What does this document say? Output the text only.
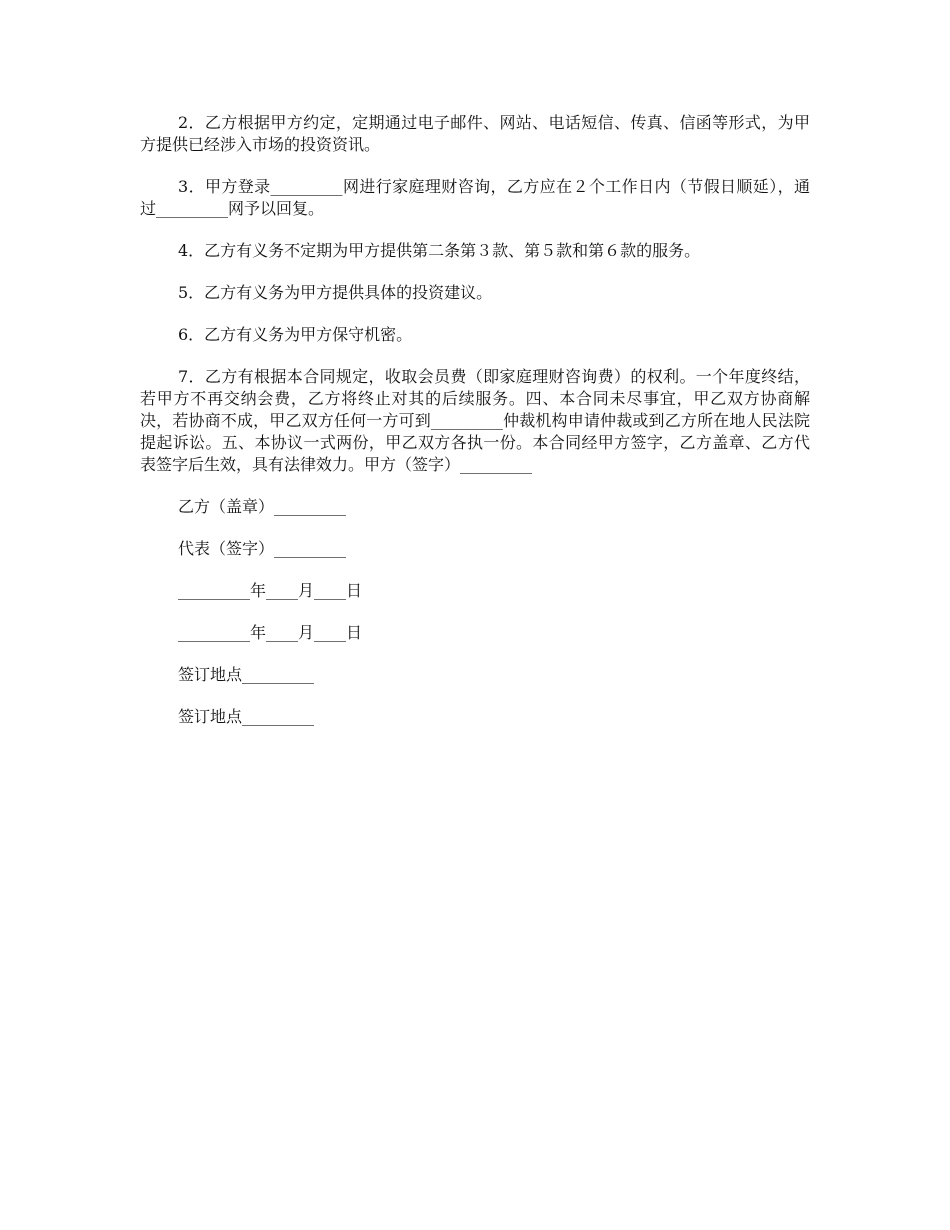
2．乙方根据甲方约定，定期通过电子邮件、网站、电话短信、传真、信函等形式，为甲方提供已经涉入市场的投资资讯。

3．甲方登录_________网进行家庭理财咨询，乙方应在２个工作日内（节假日顺延），通过_________网予以回复。

4．乙方有义务不定期为甲方提供第二条第３款、第５款和第６款的服务。

5．乙方有义务为甲方提供具体的投资建议。

6．乙方有义务为甲方保守机密。

7．乙方有根据本合同规定，收取会员费（即家庭理财咨询费）的权利。一个年度终结，若甲方不再交纳会费，乙方将终止对其的后续服务。四、本合同未尽事宜，甲乙双方协商解决，若协商不成，甲乙双方任何一方可到_________仲裁机构申请仲裁或到乙方所在地人民法院提起诉讼。五、本协议一式两份，甲乙双方各执一份。本合同经甲方签字，乙方盖章、乙方代表签字后生效，具有法律效力。甲方（签字）_________

乙方（盖章）_________

代表（签字）_________

_________年____月____日

_________年____月____日

签订地点_________

签订地点_________
